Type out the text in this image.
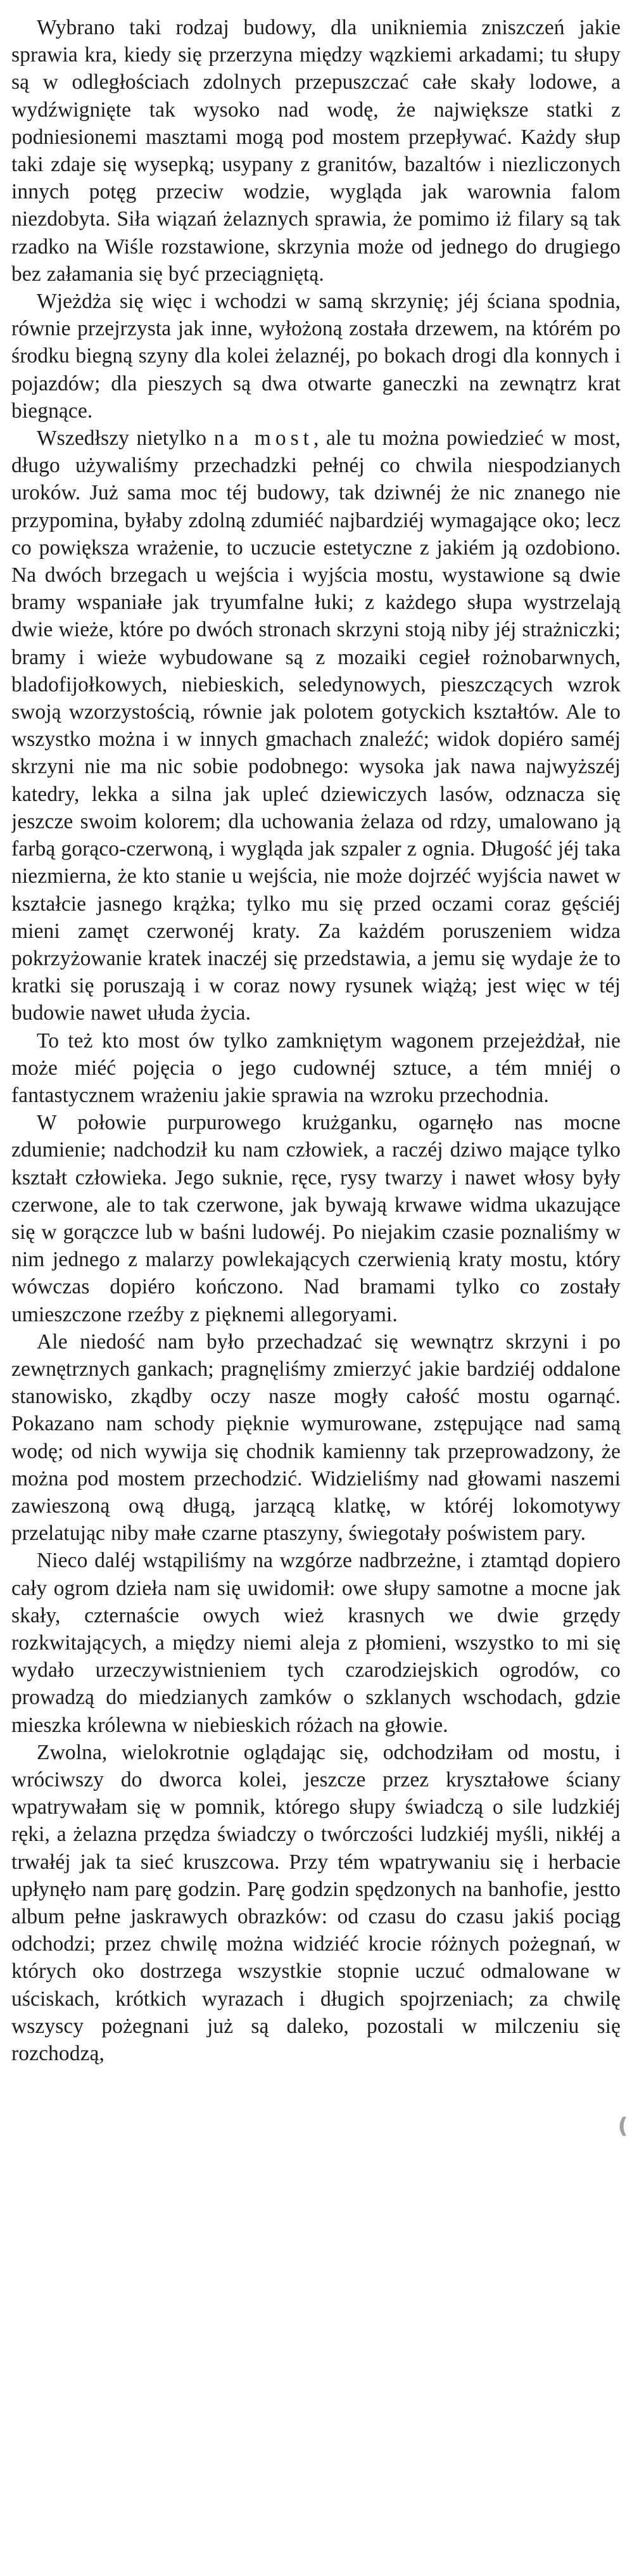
Wybrano taki rodzaj budowy, dla unikniemia zniszczeń jakie sprawia kra, kiedy się przerzyna między wązkiemi arkadami; tu słupy są w odległościach zdolnych przepuszczać całe skały lodowe, a wydźwignięte tak wysoko nad wodę, że największe statki z podniesionemi masztami mogą pod mostem przepływać. Każdy słup taki zdaje się wysepką; usypany z granitów, bazaltów i niezliczonych innych potęg przeciw wodzie, wygląda jak warownia falom niezdobyta. Siła wiązań żelaznych sprawia, że pomimo iż filary są tak rzadko na Wiśle rozstawione, skrzynia może od jednego do drugiego bez załamania się być przeciągniętą.

Wjeżdża się więc i wchodzi w samą skrzynię; jéj ściana spodnia, równie przejrzysta jak inne, wyłożoną została drzewem, na którém po środku biegną szyny dla kolei żelaznéj, po bokach drogi dla konnych i pojazdów; dla pieszych są dwa otwarte ganeczki na zewnątrz krat biegnące.

Wszedłszy nietylko na most, ale tu można powiedzieć w most, długo używaliśmy przechadzki pełnéj co chwila niespodzianych uroków. Już sama moc téj budowy, tak dziwnéj że nic znanego nie przypomina, byłaby zdolną zdumiéć najbardziéj wymagające oko; lecz co powiększa wrażenie, to uczucie estetyczne z jakiém ją ozdobiono. Na dwóch brzegach u wejścia i wyjścia mostu, wystawione są dwie bramy wspaniałe jak tryumfalne łuki; z każdego słupa wystrzelają dwie wieże, które po dwóch stronach skrzyni stoją niby jéj strażniczki; bramy i wieże wybudowane są z mozaiki cegieł rożnobarwnych, bladofijołkowych, niebieskich, seledynowych, pieszczących wzrok swoją wzorzystością, równie jak polotem gotyckich kształtów. Ale to wszystko można i w innych gmachach znaleźć; widok dopiéro saméj skrzyni nie ma nic sobie podobnego: wysoka jak nawa najwyższéj katedry, lekka a silna jak upleć dziewiczych lasów, odznacza się jeszcze swoim kolorem; dla uchowania żelaza od rdzy, umalowano ją farbą gorąco-czerwoną, i wygląda jak szpaler z ognia. Długość jéj taka niezmierna, że kto stanie u wejścia, nie może dojrzéć wyjścia nawet w kształcie jasnego krążka; tylko mu się przed oczami coraz gęściéj mieni zamęt czerwonéj kraty. Za każdém poruszeniem widza pokrzyżowanie kratek inaczéj się przedstawia, a jemu się wydaje że to kratki się poruszają i w coraz nowy rysunek wiążą; jest więc w téj budowie nawet ułuda życia.

To też kto most ów tylko zamkniętym wagonem przejeżdżał, nie może miéć pojęcia o jego cudownéj sztuce, a tém mniéj o fantastycznem wrażeniu jakie sprawia na wzroku przechodnia.

W połowie purpurowego krużganku, ogarnęło nas mocne zdumienie; nadchodził ku nam człowiek, a raczéj dziwo mające tylko kształt człowieka. Jego suknie, ręce, rysy twarzy i nawet włosy były czerwone, ale to tak czerwone, jak bywają krwawe widma ukazujące się w gorączce lub w baśni ludowéj. Po niejakim czasie poznaliśmy w nim jednego z malarzy powlekających czerwienią kraty mostu, który wówczas dopiéro kończono. Nad bramami tylko co zostały umieszczone rzeźby z pięknemi allegoryami.

Ale niedość nam było przechadzać się wewnątrz skrzyni i po zewnętrznych gankach; pragnęliśmy zmierzyć jakie bardziéj oddalone stanowisko, zkądby oczy nasze mogły całość mostu ogarnąć. Pokazano nam schody pięknie wymurowane, zstępujące nad samą wodę; od nich wywija się chodnik kamienny tak przeprowadzony, że można pod mostem przechodzić. Widzieliśmy nad głowami naszemi zawieszoną ową długą, jarzącą klatkę, w któréj lokomotywy przelatując niby małe czarne ptaszyny, świegotały poświstem pary.

Nieco daléj wstąpiliśmy na wzgórze nadbrzeżne, i ztamtąd dopiero cały ogrom dzieła nam się uwidomił: owe słupy samotne a mocne jak skały, czternaście owych wież krasnych we dwie grzędy rozkwitających, a między niemi aleja z płomieni, wszystko to mi się wydało urzeczywistnieniem tych czarodziejskich ogrodów, co prowadzą do miedzianych zamków o szklanych wschodach, gdzie mieszka królewna w niebieskich różach na głowie.

Zwolna, wielokrotnie oglądając się, odchodziłam od mostu, i wróciwszy do dworca kolei, jeszcze przez kryształowe ściany wpatrywałam się w pomnik, którego słupy świadczą o sile ludzkiéj ręki, a żelazna przędza świadczy o twórczości ludzkiéj myśli, nikłéj a trwałéj jak ta sieć kruszcowa. Przy tém wpatrywaniu się i herbacie upłynęło nam parę godzin. Parę godzin spędzonych na banhofie, jestto album pełne jaskrawych obrazków: od czasu do czasu jakiś pociąg odchodzi; przez chwilę można widziéć krocie różnych pożegnań, w których oko dostrzega wszystkie stopnie uczuć odmalowane w uściskach, krótkich wyrazach i długich spojrzeniach; za chwilę wszyscy pożegnani już są daleko, pozostali w milczeniu się rozchodzą,

❪
